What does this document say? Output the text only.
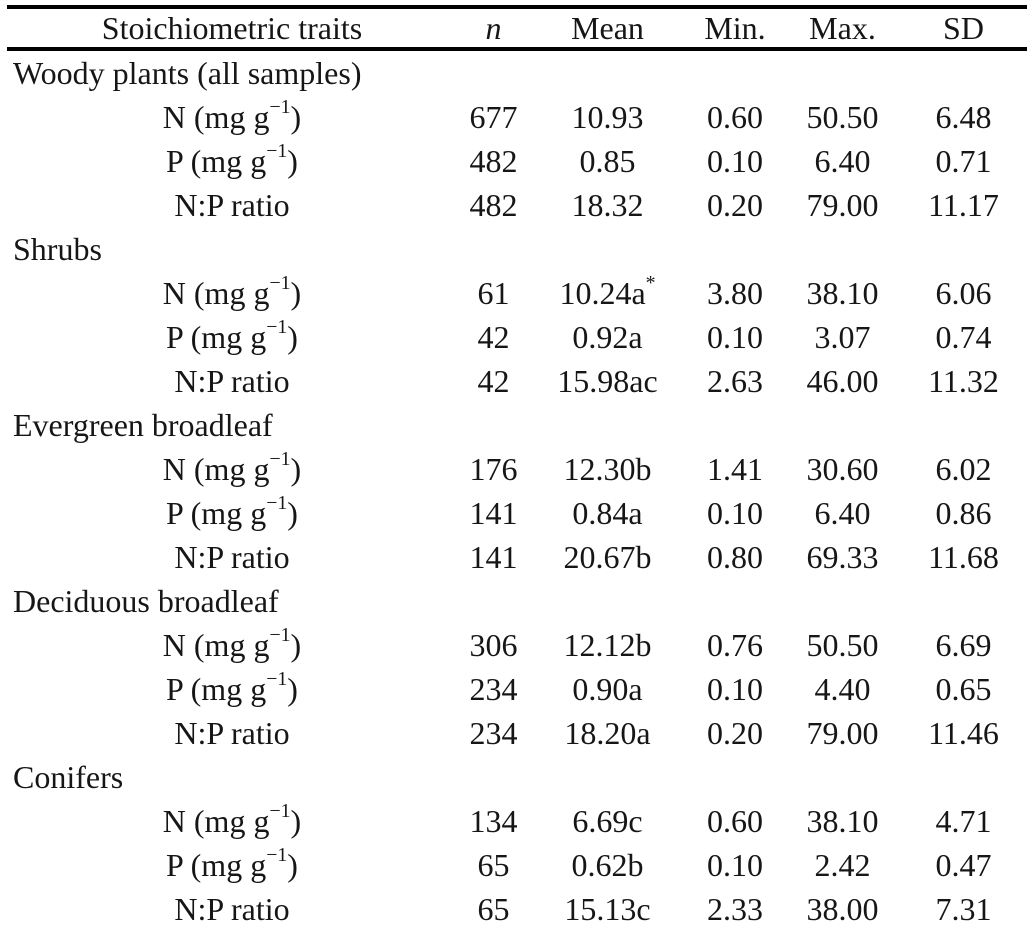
Stoichiometric traits	n	Mean	Min.	Max.	SD
Woody plants (all samples)					
N (mg $g^{-1}$)	677	10.93	0.60	50.50	6.48
P (mg $g^{-1}$)	482	0.85	0.10	6.40	0.71
N:P ratio	482	18.32	0.20	79.00	11.17
Shrubs					
N (mg $g^{-1}$)	61	10.24a*	3.80	38.10	6.06
P (mg $g^{-1}$)	42	0.92a	0.10	3.07	0.74
N:P ratio	42	15.98ac	2.63	46.00	11.32
Evergreen broadleaf					
N (mg $g^{-1}$)	176	12.30b	1.41	30.60	6.02
P (mg $g^{-1}$)	141	0.84a	0.10	6.40	0.86
N:P ratio	141	20.67b	0.80	69.33	11.68
Deciduous broadleaf					
N (mg $g^{-1}$)	306	12.12b	0.76	50.50	6.69
P (mg $g^{-1}$)	234	0.90a	0.10	4.40	0.65
N:P ratio	234	18.20a	0.20	79.00	11.46
Conifers					
N (mg $g^{-1}$)	134	6.69c	0.60	38.10	4.71
P (mg $g^{-1}$)	65	0.62b	0.10	2.42	0.47
N:P ratio	65	15.13c	2.33	38.00	7.31
